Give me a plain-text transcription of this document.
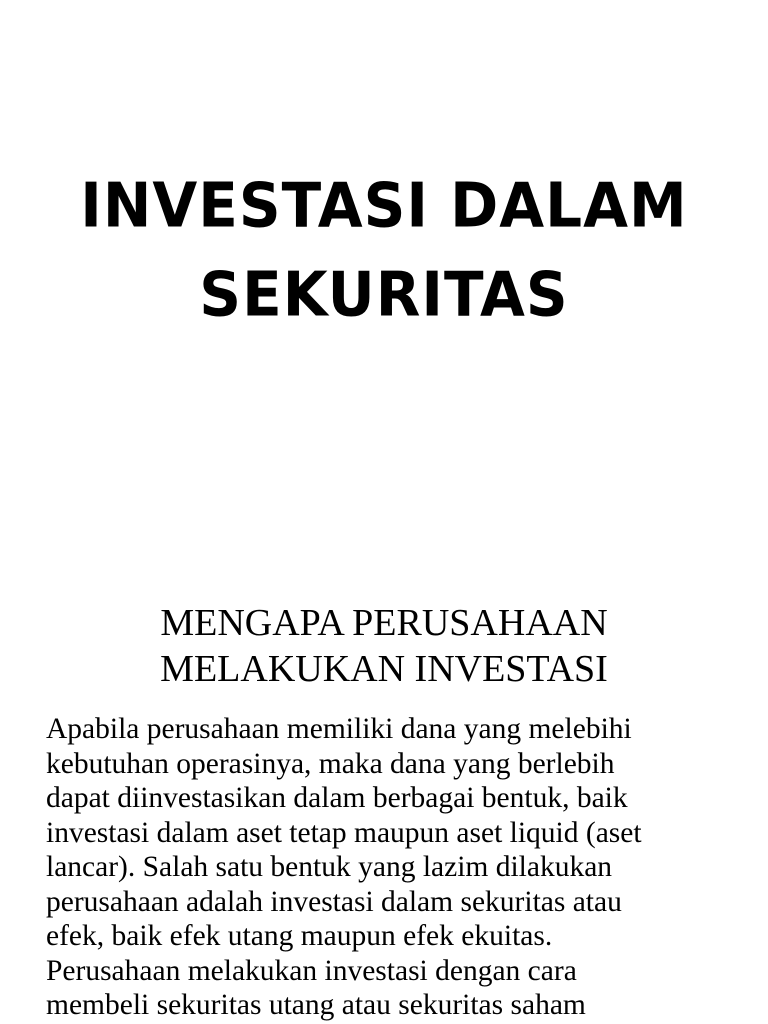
INVESTASI DALAM
SEKURITAS
MENGAPA PERUSAHAAN
MELAKUKAN INVESTASI
Apabila perusahaan memiliki dana yang melebihi
kebutuhan operasinya, maka dana yang berlebih
dapat diinvestasikan dalam berbagai bentuk, baik
investasi dalam aset tetap maupun aset liquid (aset
lancar). Salah satu bentuk yang lazim dilakukan
perusahaan adalah investasi dalam sekuritas atau
efek, baik efek utang maupun efek ekuitas.
Perusahaan melakukan investasi dengan cara
membeli sekuritas utang atau sekuritas saham
